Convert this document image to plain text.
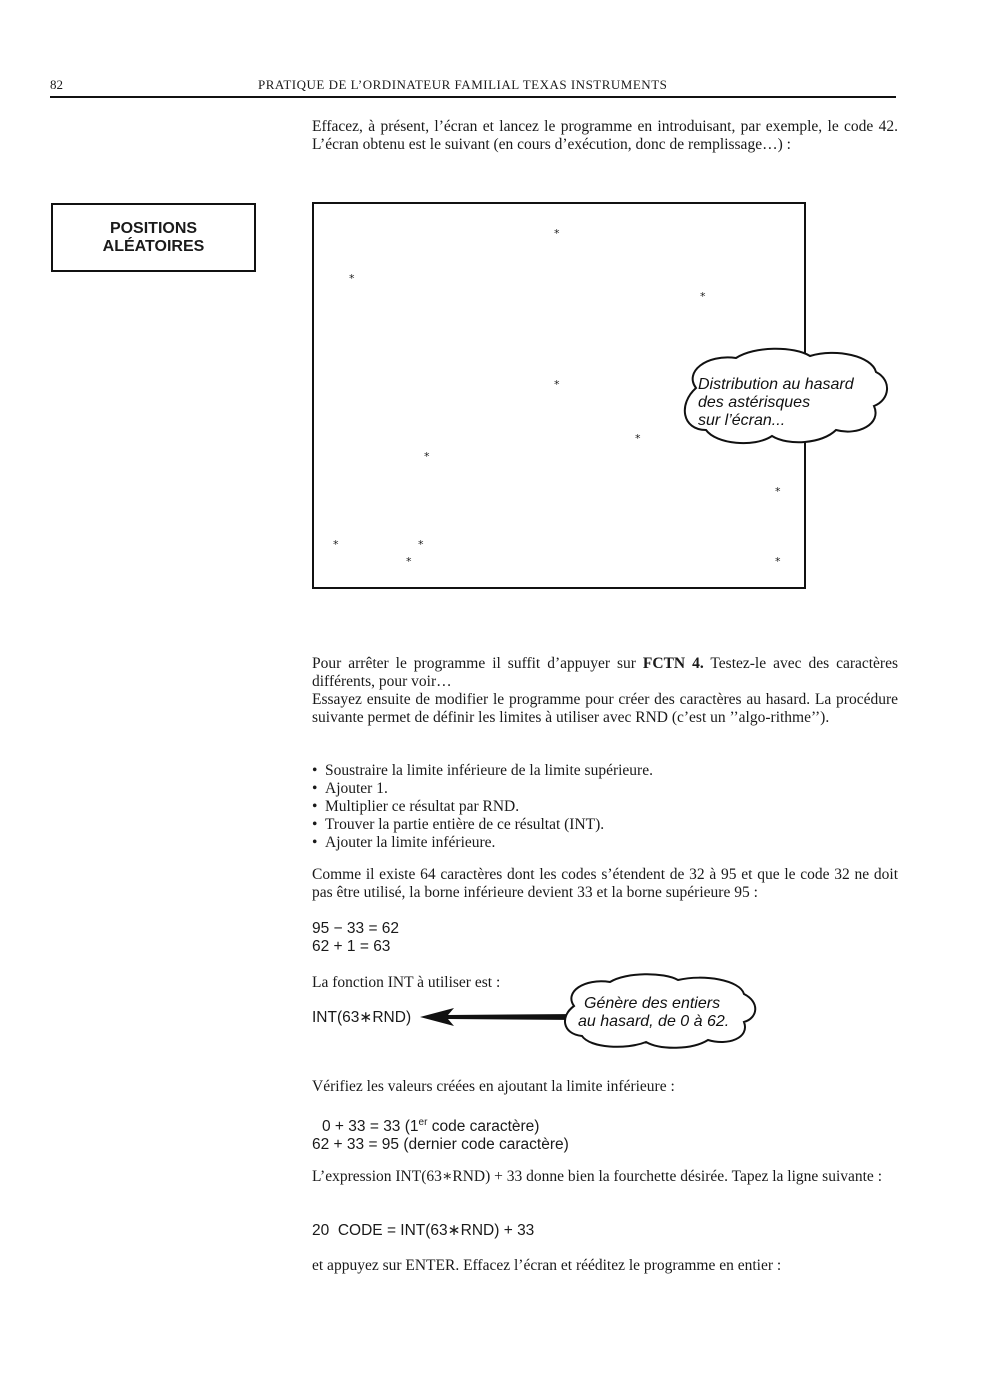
82	PRATIQUE DE L’ORDINATEUR FAMILIAL TEXAS INSTRUMENTS
Effacez, à présent, l’écran et lancez le programme en introduisant, par exemple, le code 42. L’écran obtenu est le suivant (en cours d’exécution, donc de remplissage…) :
POSITIONS
ALÉATOIRES
*
*
*
*
*
*
*
*	*
*	*
Distribution au hasard
des astérisques
sur l’écran...
Pour arrêter le programme il suffit d’appuyer sur FCTN 4. Testez-le avec des caractères différents, pour voir…
Essayez ensuite de modifier le programme pour créer des caractères au hasard. La procédure suivante permet de définir les limites à utiliser avec RND (c’est un ’’algo-rithme’’).
• Soustraire la limite inférieure de la limite supérieure.
• Ajouter 1.
• Multiplier ce résultat par RND.
• Trouver la partie entière de ce résultat (INT).
• Ajouter la limite inférieure.
Comme il existe 64 caractères dont les codes s’étendent de 32 à 95 et que le code 32 ne doit pas être utilisé, la borne inférieure devient 33 et la borne supérieure 95 :
95 − 33 = 62
62 + 1 = 63
La fonction INT à utiliser est :
INT(63∗RND)
Génère des entiers
au hasard, de 0 à 62.
Vérifiez les valeurs créées en ajoutant la limite inférieure :
0 + 33 = 33 (1er code caractère)
62 + 33 = 95 (dernier code caractère)
L’expression INT(63∗RND) + 33 donne bien la fourchette désirée. Tapez la ligne suivante :
20  CODE = INT(63∗RND) + 33
et appuyez sur ENTER. Effacez l’écran et rééditez le programme en entier :
